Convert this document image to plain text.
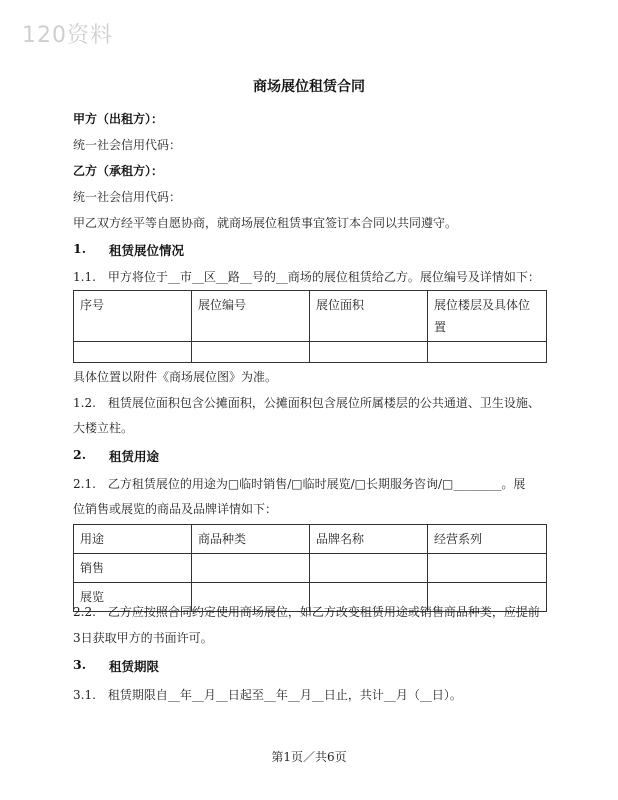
120资料
商场展位租赁合同
甲方（出租方）：
统一社会信用代码：
乙方（承租方）：
统一社会信用代码：
甲乙双方经平等自愿协商，就商场展位租赁事宜签订本合同以共同遵守。
1. 租赁展位情况
1.1.　甲方将位于__市__区__路__号的__商场的展位租赁给乙方。展位编号及详情如下：
序号	展位编号	展位面积	展位楼层及具体位置

具体位置以附件《商场展位图》为准。
1.2.　租赁展位面积包含公摊面积，公摊面积包含展位所属楼层的公共通道、卫生设施、
大楼立柱。
2. 租赁用途
2.1.　乙方租赁展位的用途为□临时销售/□临时展览/□长期服务咨询/□________。展
位销售或展览的商品及品牌详情如下：
用途	商品种类	品牌名称	经营系列
销售			
展览			
2.2.　乙方应按照合同约定使用商场展位，如乙方改变租赁用途或销售商品种类，应提前
3日获取甲方的书面许可。
3. 租赁期限
3.1.　租赁期限自__年__月__日起至__年__月__日止，共计__月（__日）。
第1页／共6页
